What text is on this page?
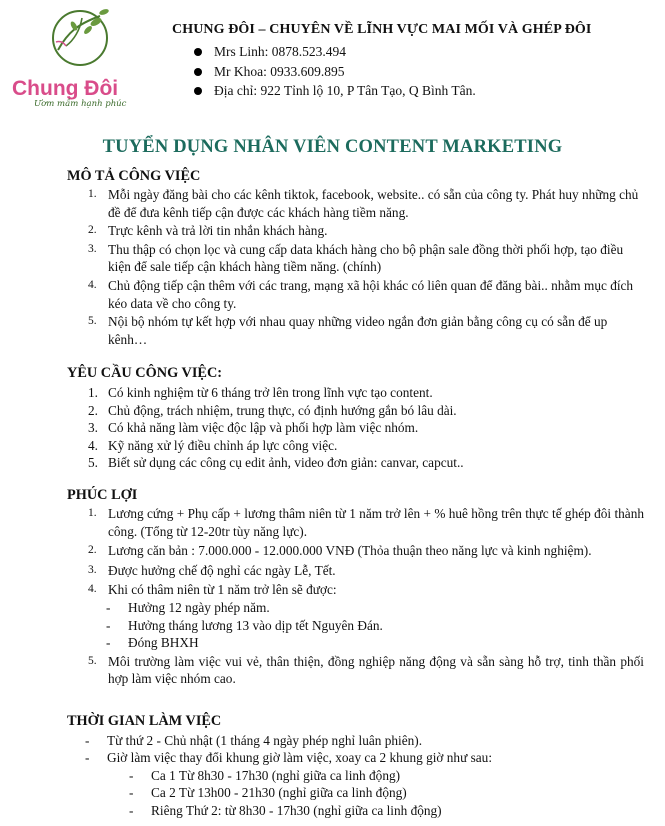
Chung Đôi
Ươm mầm hạnh phúc
CHUNG ĐÔI – CHUYÊN VỀ LĨNH VỰC MAI MỐI VÀ GHÉP ĐÔI
Mrs Linh: 0878.523.494
Mr Khoa: 0933.609.895
Địa chỉ: 922 Tỉnh lộ 10, P Tân Tạo, Q Bình Tân.
TUYỂN DỤNG NHÂN VIÊN CONTENT MARKETING
MÔ TẢ CÔNG VIỆC
1. Mỗi ngày đăng bài cho các kênh tiktok, facebook, website.. có sẵn của công ty. Phát huy những chủ đề để đưa kênh tiếp cận được các khách hàng tiềm năng.
2. Trực kênh và trả lời tin nhắn khách hàng.
3. Thu thập có chọn lọc và cung cấp data khách hàng cho bộ phận sale đồng thời phối hợp, tạo điều kiện để sale tiếp cận khách hàng tiềm năng. (chính)
4. Chủ động tiếp cận thêm với các trang, mạng xã hội khác có liên quan để đăng bài.. nhằm mục đích kéo data về cho công ty.
5. Nội bộ nhóm tự kết hợp với nhau quay những video ngắn đơn giản bằng công cụ có sẵn để up kênh…
YÊU CẦU CÔNG VIỆC:
1. Có kinh nghiệm từ 6 tháng trở lên trong lĩnh vực tạo content.
2. Chủ động, trách nhiệm, trung thực, có định hướng gắn bó lâu dài.
3. Có khả năng làm việc độc lập và phối hợp làm việc nhóm.
4. Kỹ năng xử lý điều chỉnh áp lực công việc.
5. Biết sử dụng các công cụ edit ảnh, video đơn giản: canvar, capcut..
PHÚC LỢI
1. Lương cứng + Phụ cấp + lương thâm niên từ 1 năm trở lên + % huê hồng trên thực tế ghép đôi thành công. (Tổng từ 12-20tr tùy năng lực).
2. Lương căn bản : 7.000.000 - 12.000.000 VNĐ (Thỏa thuận theo năng lực và kinh nghiệm).
3. Được hưởng chế độ nghỉ các ngày Lễ, Tết.
4. Khi có thâm niên từ 1 năm trở lên sẽ được:
- Hưởng 12 ngày phép năm.
- Hưởng tháng lương 13 vào dịp tết Nguyên Đán.
- Đóng BHXH
5. Môi trường làm việc vui vẻ, thân thiện, đồng nghiệp năng động và sẵn sàng hỗ trợ, tinh thần phối hợp làm việc nhóm cao.
THỜI GIAN LÀM VIỆC
- Từ thứ 2 - Chủ nhật (1 tháng 4 ngày phép nghỉ luân phiên).
- Giờ làm việc thay đổi khung giờ làm việc, xoay ca 2 khung giờ như sau:
- Ca 1 Từ 8h30 - 17h30 (nghỉ giữa ca linh động)
- Ca 2 Từ 13h00 - 21h30 (nghỉ giữa ca linh động)
- Riêng Thứ 2: từ 8h30 - 17h30 (nghỉ giữa ca linh động)
